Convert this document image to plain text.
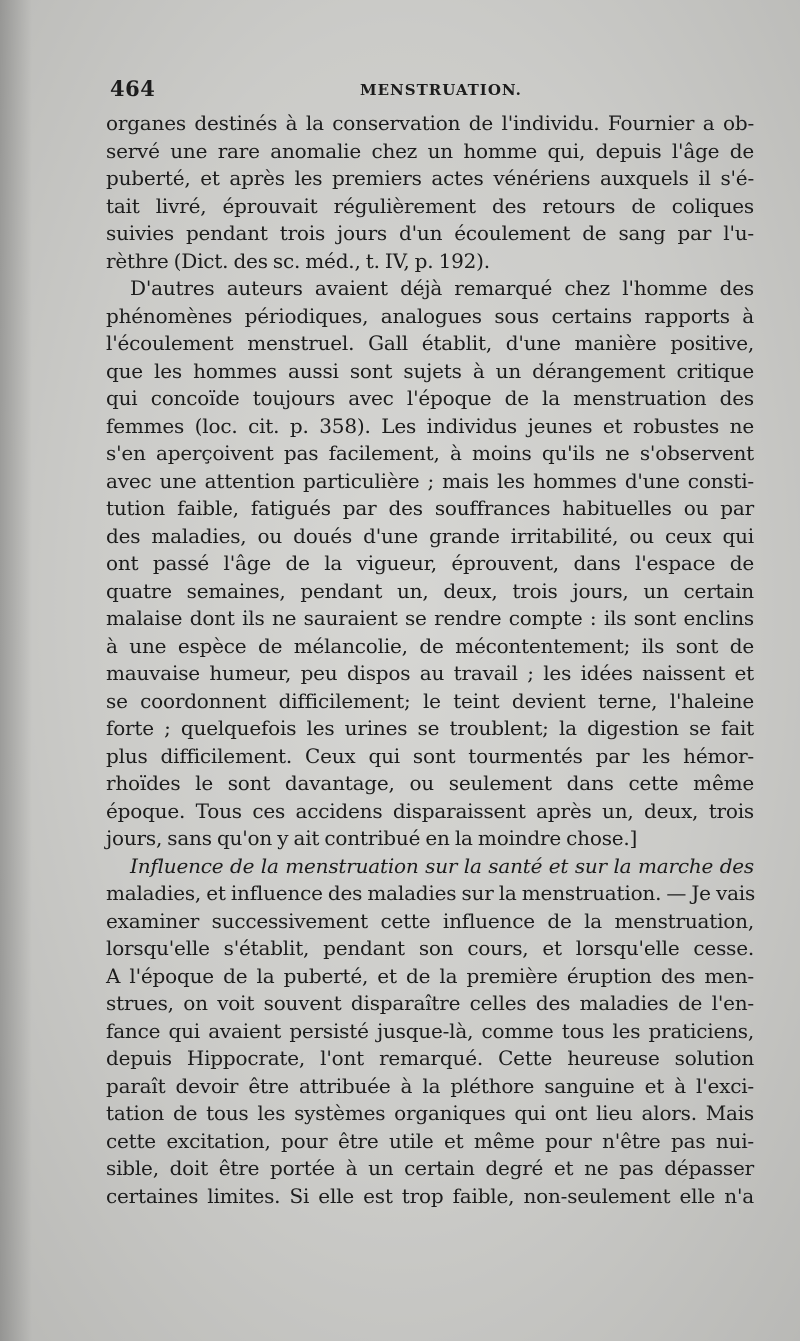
464	MENSTRUATION.
organes destinés à la conservation de l'individu. Fournier a ob-
servé une rare anomalie chez un homme qui, depuis l'âge de
puberté, et après les premiers actes vénériens auxquels il s'é-
tait livré, éprouvait régulièrement des retours de coliques
suivies pendant trois jours d'un écoulement de sang par l'u-
rèthre (Dict. des sc. méd., t. IV, p. 192).
D'autres auteurs avaient déjà remarqué chez l'homme des
phénomènes périodiques, analogues sous certains rapports à
l'écoulement menstruel. Gall établit, d'une manière positive,
que les hommes aussi sont sujets à un dérangement critique
qui concoïde toujours avec l'époque de la menstruation des
femmes (loc. cit. p. 358). Les individus jeunes et robustes ne
s'en aperçoivent pas facilement, à moins qu'ils ne s'observent
avec une attention particulière ; mais les hommes d'une consti-
tution faible, fatigués par des souffrances habituelles ou par
des maladies, ou doués d'une grande irritabilité, ou ceux qui
ont passé l'âge de la vigueur, éprouvent, dans l'espace de
quatre semaines, pendant un, deux, trois jours, un certain
malaise dont ils ne sauraient se rendre compte : ils sont enclins
à une espèce de mélancolie, de mécontentement; ils sont de
mauvaise humeur, peu dispos au travail ; les idées naissent et
se coordonnent difficilement; le teint devient terne, l'haleine
forte ; quelquefois les urines se troublent; la digestion se fait
plus difficilement. Ceux qui sont tourmentés par les hémor-
rhoïdes le sont davantage, ou seulement dans cette même
époque. Tous ces accidens disparaissent après un, deux, trois
jours, sans qu'on y ait contribué en la moindre chose.]
Influence de la menstruation sur la santé et sur la marche des
maladies, et influence des maladies sur la menstruation. — Je vais
examiner successivement cette influence de la menstruation,
lorsqu'elle s'établit, pendant son cours, et lorsqu'elle cesse.
A l'époque de la puberté, et de la première éruption des men-
strues, on voit souvent disparaître celles des maladies de l'en-
fance qui avaient persisté jusque-là, comme tous les praticiens,
depuis Hippocrate, l'ont remarqué. Cette heureuse solution
paraît devoir être attribuée à la pléthore sanguine et à l'exci-
tation de tous les systèmes organiques qui ont lieu alors. Mais
cette excitation, pour être utile et même pour n'être pas nui-
sible, doit être portée à un certain degré et ne pas dépasser
certaines limites. Si elle est trop faible, non-seulement elle n'a
